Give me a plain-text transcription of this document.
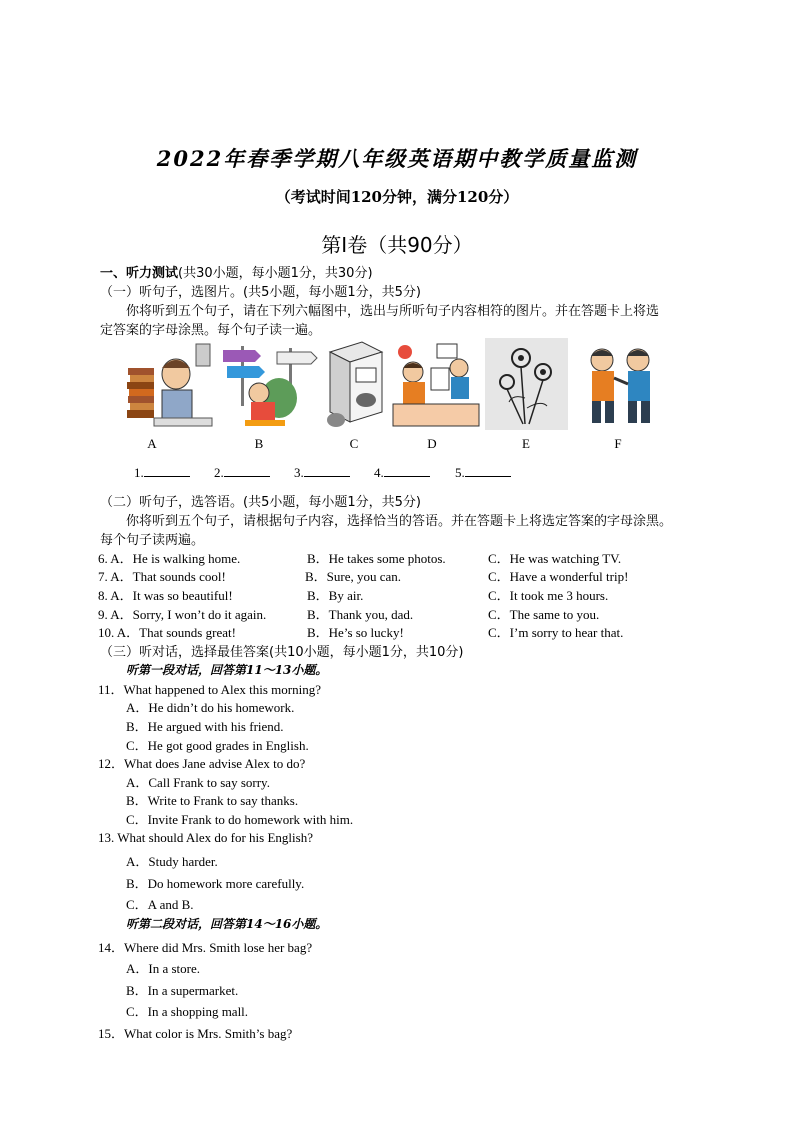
2022年春季学期八年级英语期中教学质量监测
（考试时间120分钟，满分120分）
第Ⅰ卷（共90分）
一、听力测试(共30小题，每小题1分，共30分)
（一）听句子，选图片。(共5小题，每小题1分，共5分)
你将听到五个句子，请在下列六幅图中，选出与所听句子内容相符的图片。并在答题卡上将选
定答案的字母涂黑。每个句子读一遍。
A	B	C	D	E	F
1.	2.	3.	4.	5.
（二）听句子，选答语。(共5小题，每小题1分，共5分)
你将听到五个句子，请根据句子内容，选择恰当的答语。并在答题卡上将选定答案的字母涂黑。
每个句子读两遍。
6. A．He is walking home.	B．He takes some photos.	C．He was watching TV.
7. A．That sounds cool!	B．Sure, you can.	C．Have a wonderful trip!
8. A．It was so beautiful!	B．By air.	C．It took me 3 hours.
9. A．Sorry, I won’t do it again.	B．Thank you, dad.	C．The same to you.
10. A．That sounds great!	B．He’s so lucky!	C．I’m sorry to hear that.
（三）听对话，选择最佳答案(共10小题，每小题1分，共10分)
听第一段对话，回答第11～13小题。
11．What happened to Alex this morning?
A．He didn’t do his homework.
B．He argued with his friend.
C．He got good grades in English.
12．What does Jane advise Alex to do?
A．Call Frank to say sorry.
B．Write to Frank to say thanks.
C．Invite Frank to do homework with him.
13. What should Alex do for his English?
A．Study harder.
B．Do homework more carefully.
C．A and B.
听第二段对话，回答第14～16小题。
14．Where did Mrs. Smith lose her bag?
A．In a store.
B．In a supermarket.
C．In a shopping mall.
15．What color is Mrs. Smith’s bag?
